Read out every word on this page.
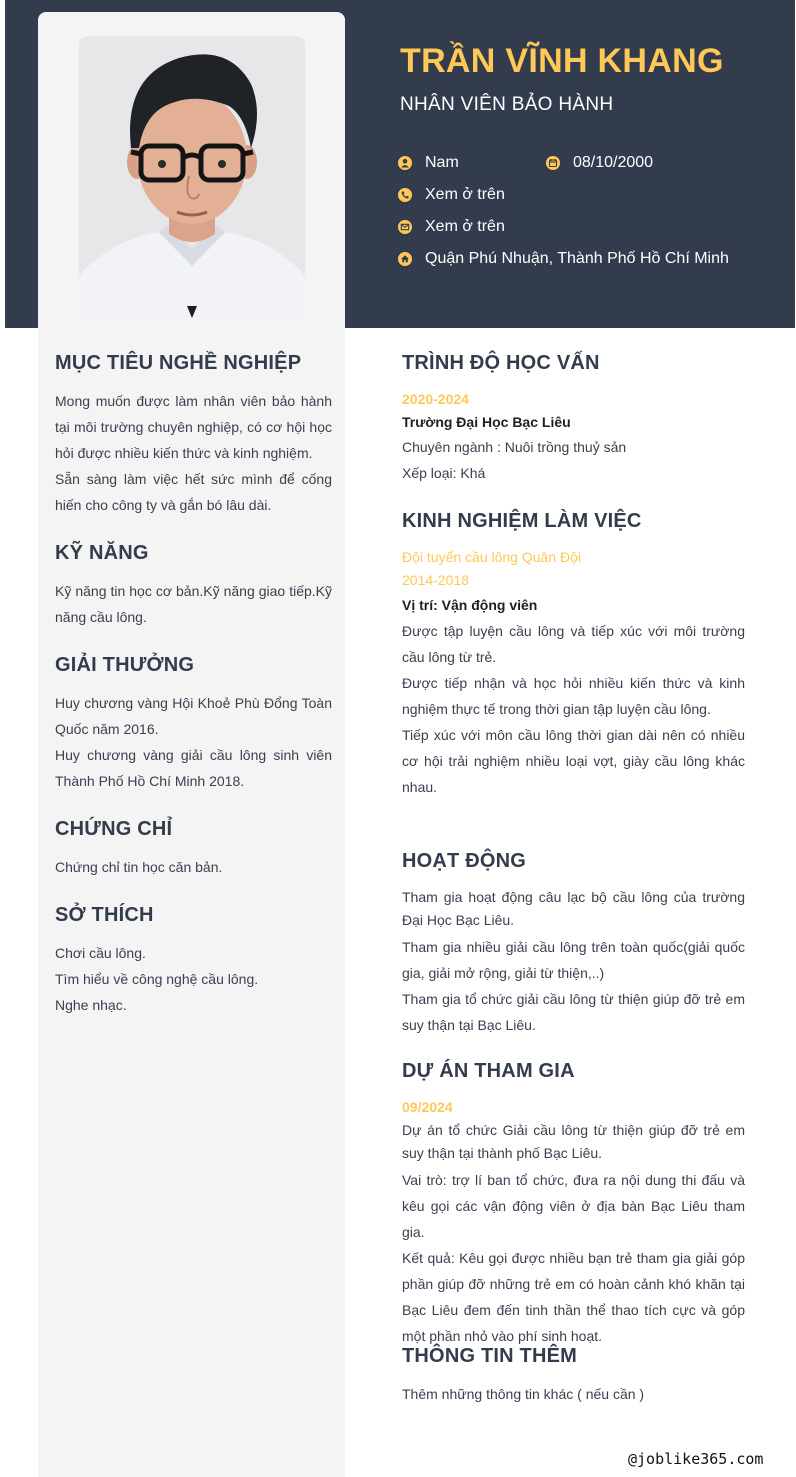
TRẦN VĨNH KHANG
NHÂN VIÊN BẢO HÀNH
Nam	08/10/2000
Xem ở trên
Xem ở trên
Quận Phú Nhuận, Thành Phố Hồ Chí Minh
MỤC TIÊU NGHỀ NGHIỆP

Mong muốn được làm nhân viên bảo hành tại môi trường chuyên nghiệp, có cơ hội học hỏi được nhiều kiến thức và kinh nghiệm.

Sẵn sàng làm việc hết sức mình để cống hiến cho công ty và gắn bó lâu dài.

KỸ NĂNG

Kỹ năng tin học cơ bản.Kỹ năng giao tiếp.Kỹ năng cầu lông.

GIẢI THƯỞNG

Huy chương vàng Hội Khoẻ Phù Đổng Toàn Quốc năm 2016.

Huy chương vàng giải cầu lông sinh viên Thành Phố Hồ Chí Minh 2018.

CHỨNG CHỈ

Chứng chỉ tin học căn bản.

SỞ THÍCH

Chơi cầu lông.

Tìm hiểu về công nghệ cầu lông.

Nghe nhạc.

TRÌNH ĐỘ HỌC VẤN
2020-2024
Trường Đại Học Bạc Liêu

Chuyên ngành : Nuôi trồng thuỷ sản

Xếp loại: Khá

KINH NGHIỆM LÀM VIỆC
Đội tuyển cầu lông Quân Đội
2014-2018
Vị trí: Vận động viên

Được tập luyện cầu lông và tiếp xúc với môi trường cầu lông từ trẻ.

Được tiếp nhận và học hỏi nhiều kiến thức và kinh nghiệm thực tế trong thời gian tập luyện cầu lông.

Tiếp xúc với môn cầu lông thời gian dài nên có nhiều cơ hội trải nghiệm nhiều loại vợt, giày cầu lông khác nhau.

HOẠT ĐỘNG

Tham gia hoạt động câu lạc bộ cầu lông của trường Đại Học Bạc Liêu.

Tham gia nhiều giải cầu lông trên toàn quốc(giải quốc gia, giải mở rộng, giải từ thiện,..)

Tham gia tổ chức giải cầu lông từ thiện giúp đỡ trẻ em suy thận tại Bạc Liêu.

DỰ ÁN THAM GIA
09/2024

Dự án tổ chức Giải cầu lông từ thiện giúp đỡ trẻ em suy thận tại thành phố Bạc Liêu.

Vai trò: trợ lí ban tổ chức, đưa ra nội dung thi đấu và kêu gọi các vận động viên ở địa bàn Bạc Liêu tham gia.

Kết quả: Kêu gọi được nhiều bạn trẻ tham gia giải góp phần giúp đỡ những trẻ em có hoàn cảnh khó khăn tại Bạc Liêu đem đến tinh thần thể thao tích cực và góp một phần nhỏ vào phí sinh hoạt.

THÔNG TIN THÊM

Thêm những thông tin khác ( nếu cần )

@joblike365.com
